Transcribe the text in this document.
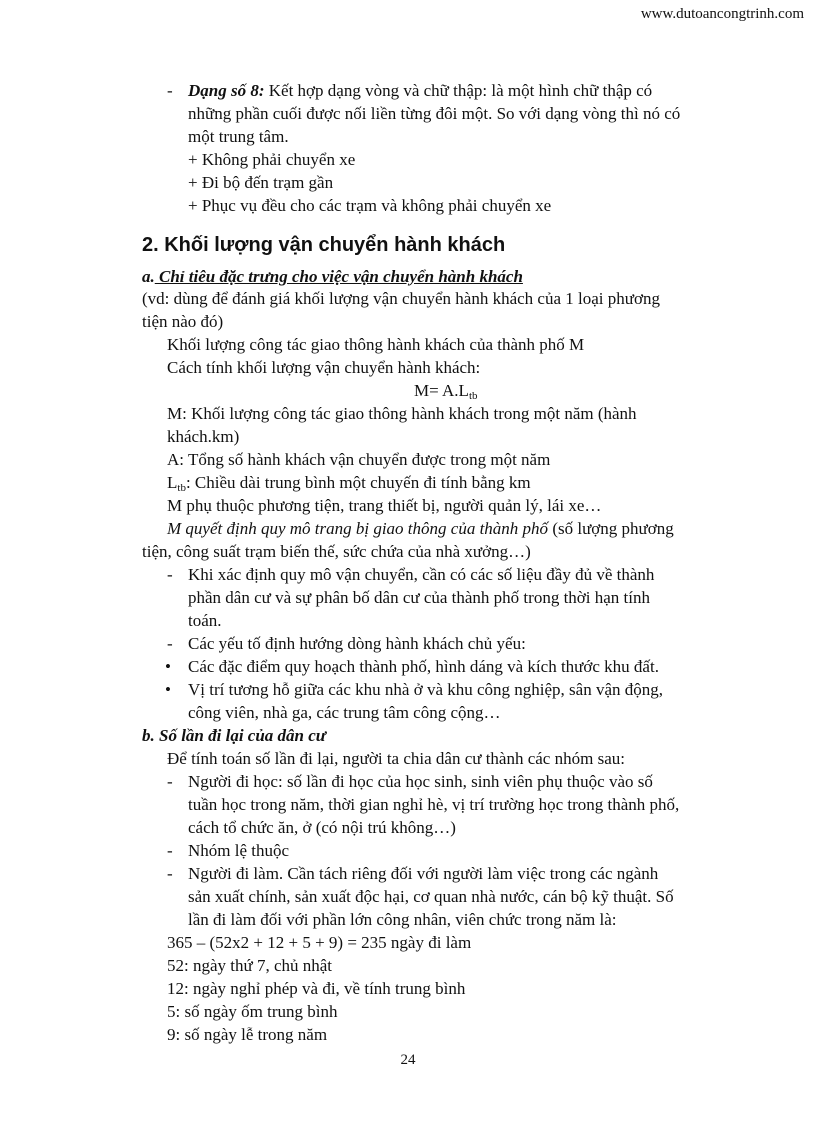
www.dutoancongtrinh.com
- Dạng số 8: Kết hợp dạng vòng và chữ thập: là một hình chữ thập có
những phần cuối được nối liền từng đôi một. So với dạng vòng thì nó có
một trung tâm.
+ Không phải chuyển xe
+ Đi bộ đến trạm gần
+ Phục vụ đều cho các trạm và không phải chuyển xe
2. Khối lượng vận chuyển hành khách
a. Chỉ tiêu đặc trưng cho việc vận chuyển hành khách
(vd: dùng để đánh giá khối lượng vận chuyển hành khách của 1 loại phương
tiện nào đó)
Khối lượng công tác giao thông hành khách của thành phố M
Cách tính khối lượng vận chuyển hành khách:
$M= A.L_{tb}$
M: Khối lượng công tác giao thông hành khách trong một năm (hành
khách.km)
A: Tổng số hành khách vận chuyển được trong một năm
$L_{tb}$: Chiều dài trung bình một chuyến đi tính bằng km
M phụ thuộc phương tiện, trang thiết bị, người quản lý, lái xe…
M quyết định quy mô trang bị giao thông của thành phố (số lượng phương
tiện, công suất trạm biến thế, sức chứa của nhà xưởng…)
- Khi xác định quy mô vận chuyển, cần có các số liệu đầy đủ về thành
phần dân cư và sự phân bố dân cư của thành phố trong thời hạn tính
toán.
- Các yếu tố định hướng dòng hành khách chủ yếu:
• Các đặc điểm quy hoạch thành phố, hình dáng và kích thước khu đất.
• Vị trí tương hỗ giữa các khu nhà ở và khu công nghiệp, sân vận động,
công viên, nhà ga, các trung tâm công cộng…
b. Số lần đi lại của dân cư
Để tính toán số lần đi lại, người ta chia dân cư thành các nhóm sau:
- Người đi học: số lần đi học của học sinh, sinh viên phụ thuộc vào số
tuần học trong năm, thời gian nghỉ hè, vị trí trường học trong thành phố,
cách tổ chức ăn, ở (có nội trú không…)
- Nhóm lệ thuộc
- Người đi làm. Cần tách riêng đối với người làm việc trong các ngành
sản xuất chính, sản xuất độc hại, cơ quan nhà nước, cán bộ kỹ thuật. Số
lần đi làm đối với phần lớn công nhân, viên chức trong năm là:
365 – (52x2 + 12 + 5 + 9) = 235 ngày đi làm
52: ngày thứ 7, chủ nhật
12: ngày nghỉ phép và đi, về tính trung bình
5: số ngày ốm trung bình
9: số ngày lễ trong năm
24
